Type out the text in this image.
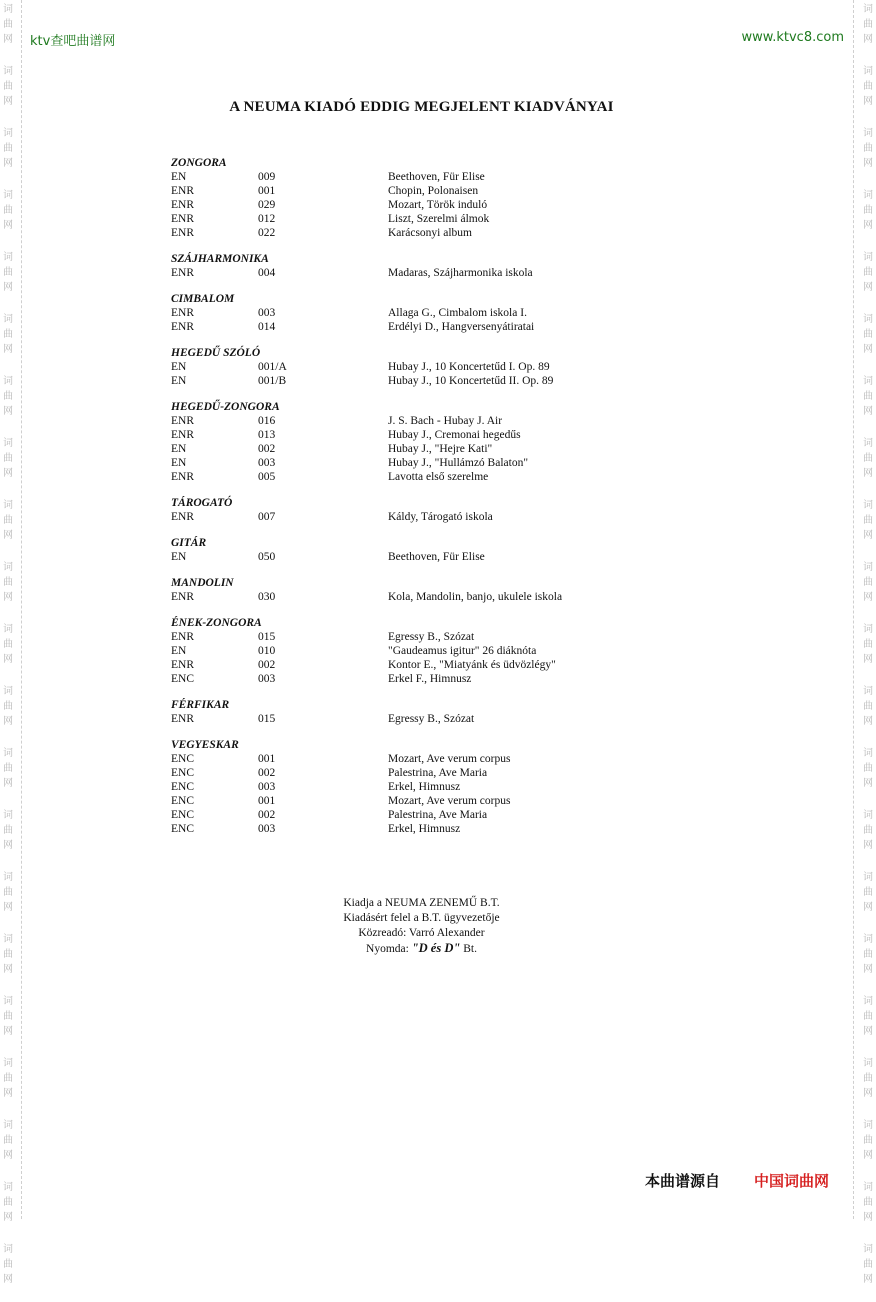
词
曲
网
词
曲
网
词
曲
网
词
曲
网
词
曲
网
词
曲
网
词
曲
网
词
曲
网
词
曲
网
词
曲
网
词
曲
网
词
曲
网
词
曲
网
词
曲
网
词
曲
网
词
曲
网
词
曲
网
词
曲
网
词
曲
网
词
曲
网
词
曲
网
词
曲
网
词
曲
网
词
曲
网
词
曲
网
词
曲
网
词
曲
网
词
曲
网
词
曲
网
词
曲
网
词
曲
网
词
曲
网
词
曲
网
词
曲
网
词
曲
网
词
曲
网
词
曲
网
词
曲
网
词
曲
网
词
曲
网
词
曲
网
词
曲
网
ktv查吧曲谱网	www.ktvc8.com
A NEUMA KIADÓ EDDIG MEGJELENT KIADVÁNYAI
ZONGORA
EN	009	Beethoven, Für Elise
ENR	001	Chopin, Polonaisen
ENR	029	Mozart, Török induló
ENR	012	Liszt, Szerelmi álmok
ENR	022	Karácsonyi album
SZÁJHARMONIKA
ENR	004	Madaras, Szájharmonika iskola
CIMBALOM
ENR	003	Allaga G., Cimbalom iskola I.
ENR	014	Erdélyi D., Hangversenyátiratai
HEGEDŰ SZÓLÓ
EN	001/A	Hubay J., 10 Koncertetűd I. Op. 89
EN	001/B	Hubay J., 10 Koncertetűd II. Op. 89
HEGEDŰ-ZONGORA
ENR	016	J. S. Bach - Hubay J. Air
ENR	013	Hubay J., Cremonai hegedűs
EN	002	Hubay J., "Hejre Kati"
EN	003	Hubay J., "Hullámzó Balaton"
ENR	005	Lavotta első szerelme
TÁROGATÓ
ENR	007	Káldy, Tárogató iskola
GITÁR
EN	050	Beethoven, Für Elise
MANDOLIN
ENR	030	Kola, Mandolin, banjo, ukulele iskola
ÉNEK-ZONGORA
ENR	015	Egressy B., Szózat
EN	010	"Gaudeamus igitur" 26 diáknóta
ENR	002	Kontor E., "Miatyánk és üdvözlégy"
ENC	003	Erkel F., Himnusz
FÉRFIKAR
ENR	015	Egressy B., Szózat
VEGYESKAR
ENC	001	Mozart, Ave verum corpus
ENC	002	Palestrina, Ave Maria
ENC	003	Erkel, Himnusz
ENC	001	Mozart, Ave verum corpus
ENC	002	Palestrina, Ave Maria
ENC	003	Erkel, Himnusz
Kiadja a NEUMA ZENEMŰ B.T.
Kiadásért felel a B.T. ügyvezetője
Közreadó: Varró Alexander
Nyomda: "D és D" Bt.
本曲谱源自 中国词曲网
